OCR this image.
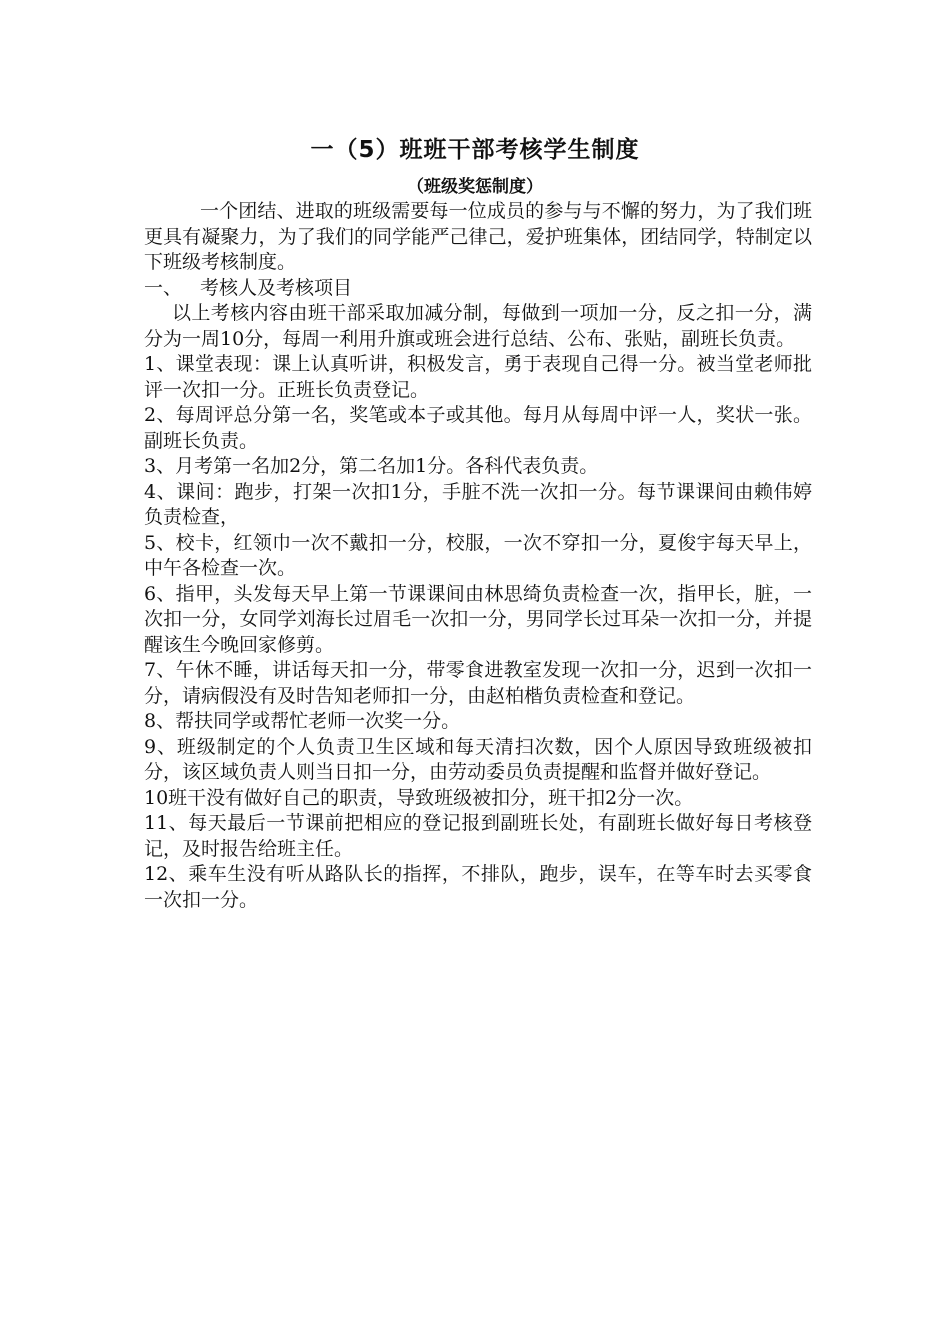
一（5）班班干部考核学生制度
（班级奖惩制度）

一个团结、进取的班级需要每一位成员的参与与不懈的努力，为了我们班更具有凝聚力，为了我们的同学能严己律己，爱护班集体，团结同学，特制定以下班级考核制度。

一、 考核人及考核项目

以上考核内容由班干部采取加减分制，每做到一项加一分，反之扣一分，满分为一周10分，每周一利用升旗或班会进行总结、公布、张贴，副班长负责。

1、课堂表现：课上认真听讲，积极发言，勇于表现自己得一分。被当堂老师批评一次扣一分。正班长负责登记。

2、每周评总分第一名，奖笔或本子或其他。每月从每周中评一人，奖状一张。副班长负责。

3、月考第一名加2分，第二名加1分。各科代表负责。

4、课间：跑步，打架一次扣1分，手脏不洗一次扣一分。每节课课间由赖伟婷负责检查，

5、校卡，红领巾一次不戴扣一分，校服，一次不穿扣一分，夏俊宇每天早上，中午各检查一次。

6、指甲，头发每天早上第一节课课间由林思绮负责检查一次，指甲长，脏，一次扣一分，女同学刘海长过眉毛一次扣一分，男同学长过耳朵一次扣一分，并提醒该生今晚回家修剪。

7、午休不睡，讲话每天扣一分，带零食进教室发现一次扣一分，迟到一次扣一分，请病假没有及时告知老师扣一分，由赵柏楷负责检查和登记。

8、帮扶同学或帮忙老师一次奖一分。

9、班级制定的个人负责卫生区域和每天清扫次数，因个人原因导致班级被扣分，该区域负责人则当日扣一分，由劳动委员负责提醒和监督并做好登记。

10班干没有做好自己的职责，导致班级被扣分，班干扣2分一次。

11、每天最后一节课前把相应的登记报到副班长处，有副班长做好每日考核登记，及时报告给班主任。

12、乘车生没有听从路队长的指挥，不排队，跑步，误车，在等车时去买零食一次扣一分。
